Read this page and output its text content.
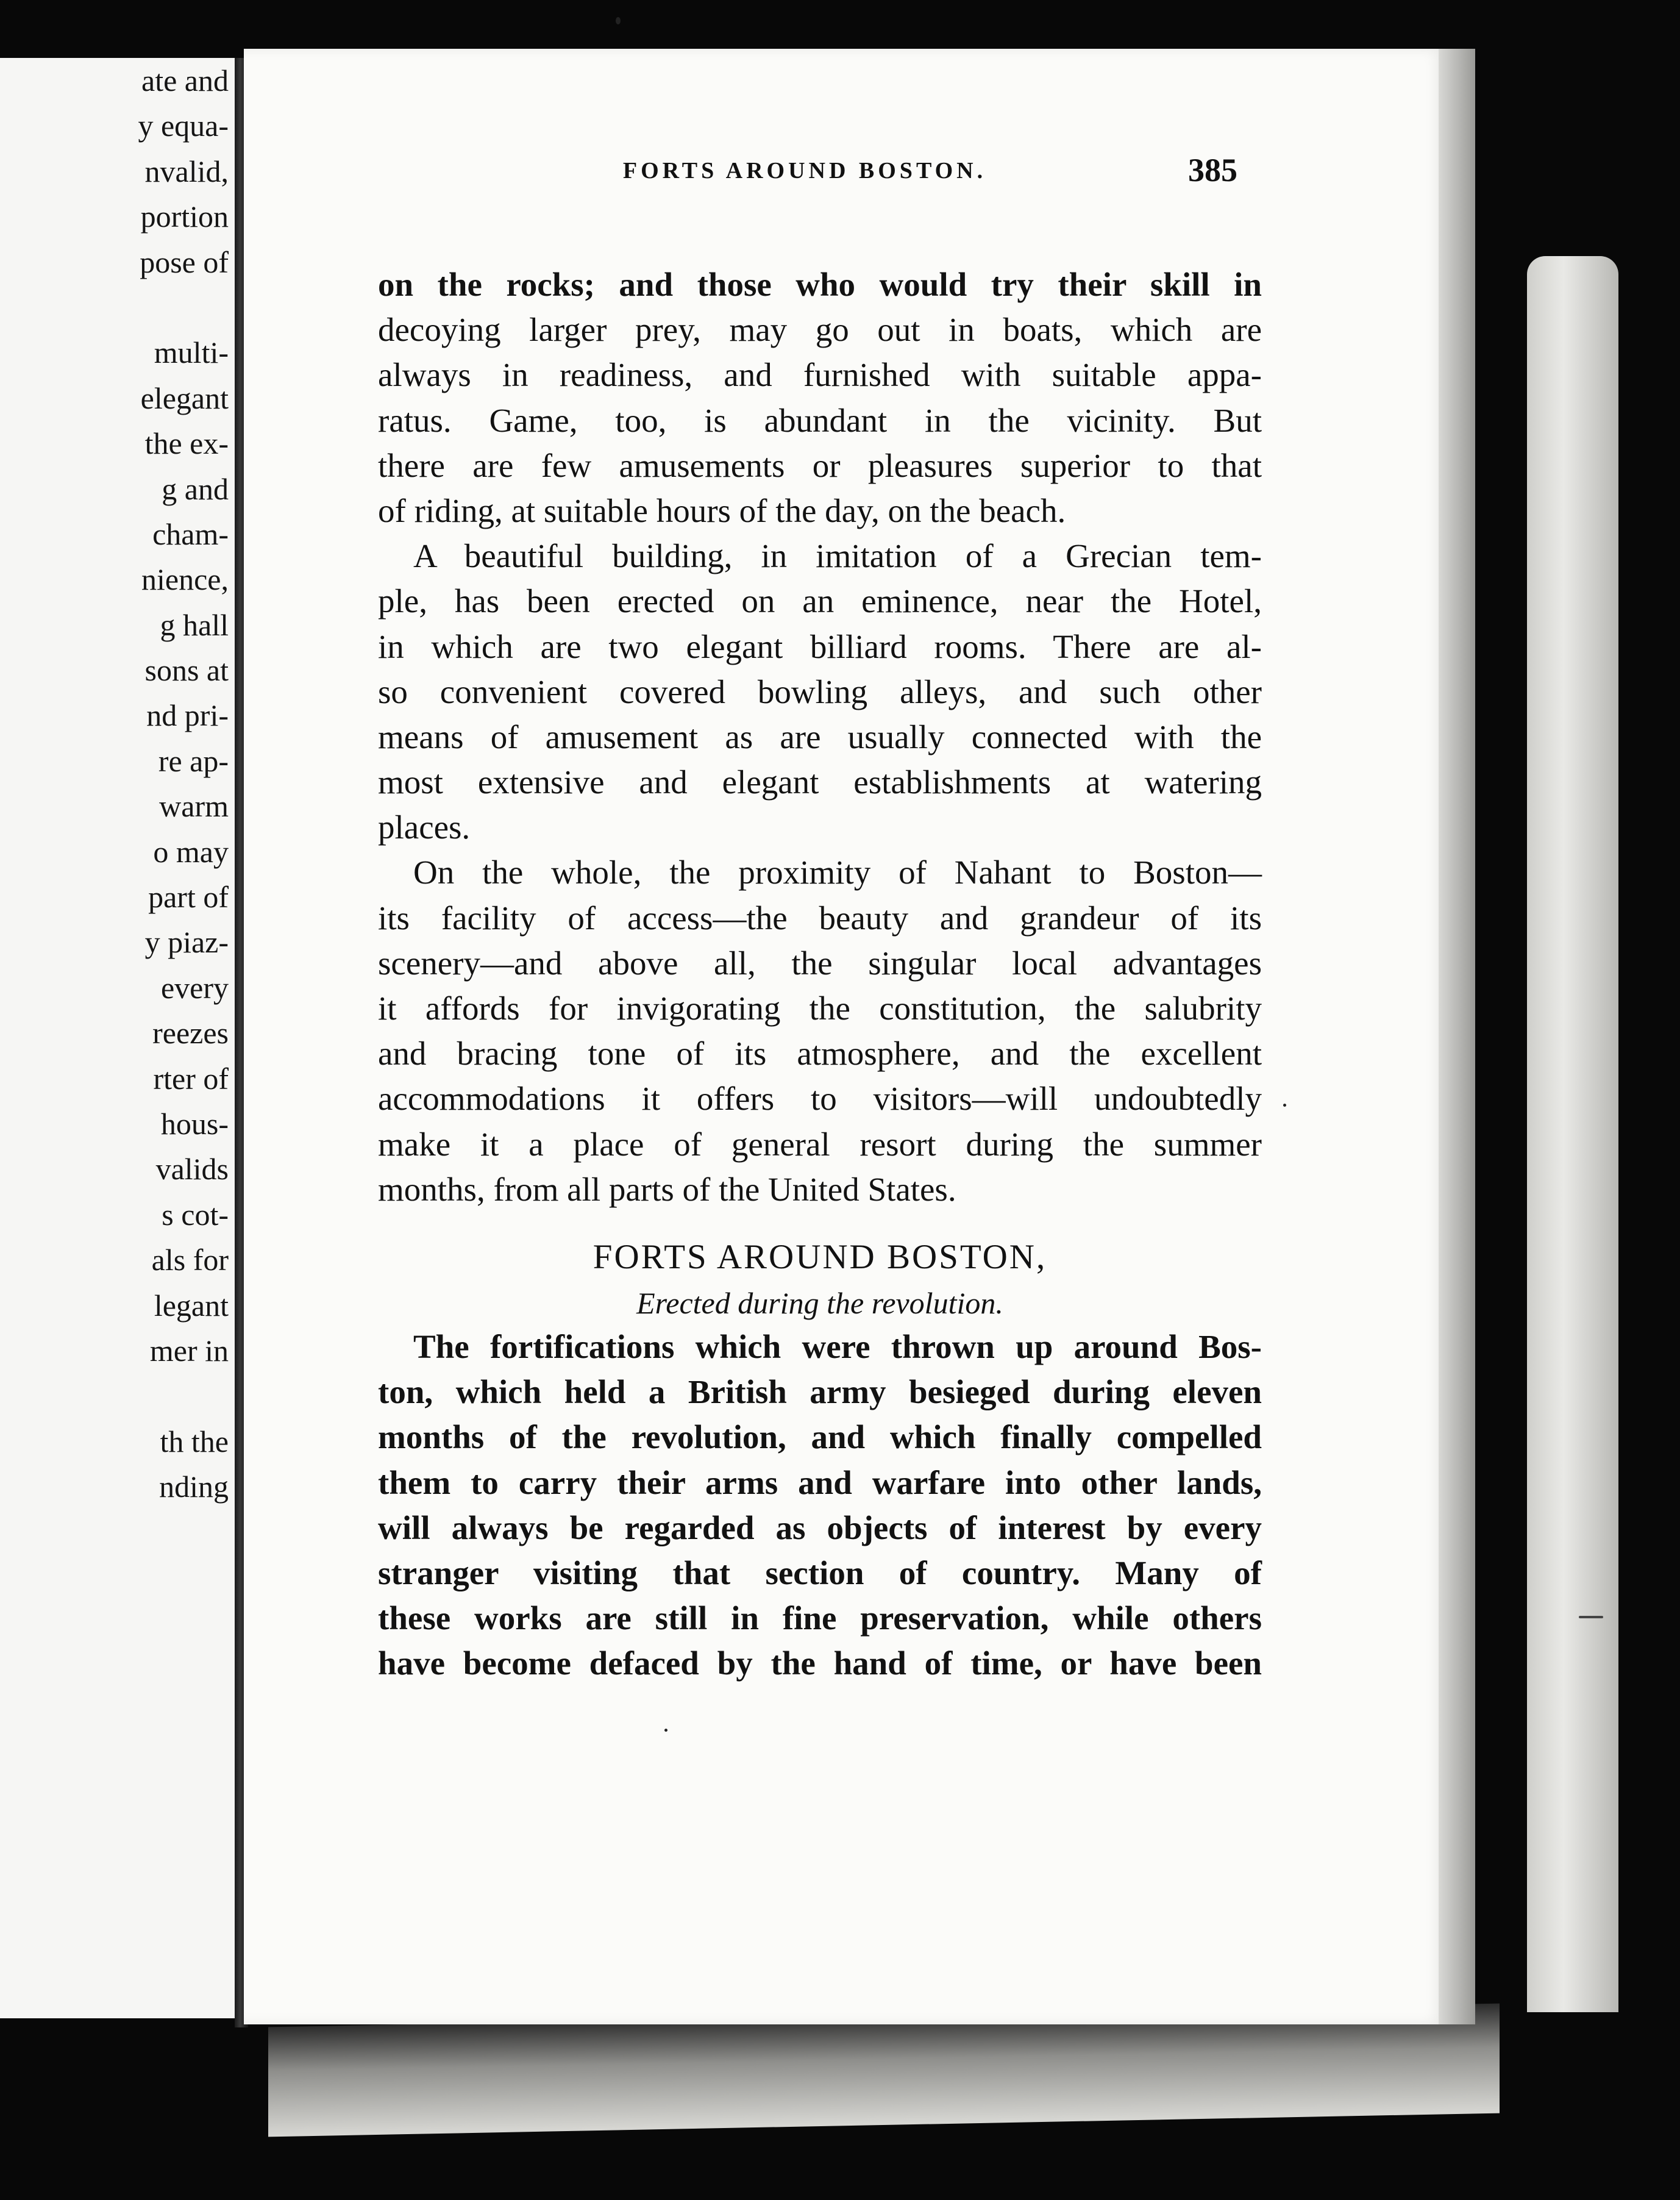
ate and
y equa-
nvalid,
portion
pose of
multi-
elegant
the ex-
g and
cham-
nience,
g hall
sons at
nd pri-
re ap-
warm
o may
part of
y piaz-
every
reezes
rter of
hous-
valids
s cot-
als for
legant
mer in
th the
nding
FORTS AROUND BOSTON.	385
on the rocks; and those who would try their skill in
decoying larger prey, may go out in boats, which are
always in readiness, and furnished with suitable appa-
ratus. Game, too, is abundant in the vicinity. But
there are few amusements or pleasures superior to that
of riding, at suitable hours of the day, on the beach.
A beautiful building, in imitation of a Grecian tem-
ple, has been erected on an eminence, near the Hotel,
in which are two elegant billiard rooms. There are al-
so convenient covered bowling alleys, and such other
means of amusement as are usually connected with the
most extensive and elegant establishments at watering
places.
On the whole, the proximity of Nahant to Boston—
its facility of access—the beauty and grandeur of its
scenery—and above all, the singular local advantages
it affords for invigorating the constitution, the salubrity
and bracing tone of its atmosphere, and the excellent
accommodations it offers to visitors—will undoubtedly
make it a place of general resort during the summer
months, from all parts of the United States.
FORTS AROUND BOSTON,
Erected during the revolution.
The fortifications which were thrown up around Bos-
ton, which held a British army besieged during eleven
months of the revolution, and which finally compelled
them to carry their arms and warfare into other lands,
will always be regarded as objects of interest by every
stranger visiting that section of country. Many of
these works are still in fine preservation, while others
have become defaced by the hand of time, or have been
